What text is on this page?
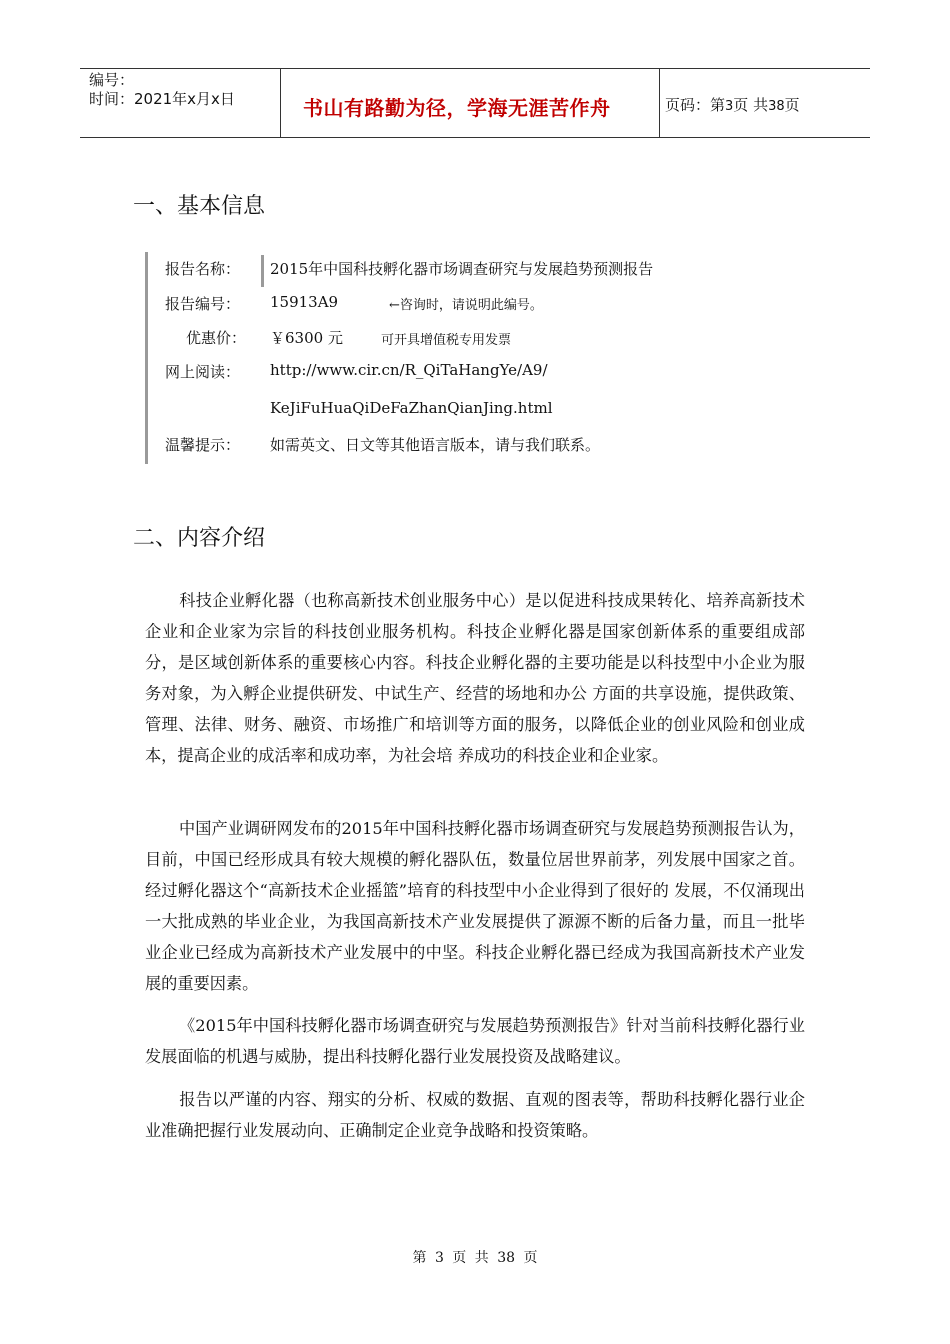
编号：
时间：2021年x月x日	书山有路勤为径，学海无涯苦作舟	页码：第3页 共38页
一、基本信息
报告名称： 2015年中国科技孵化器市场调查研究与发展趋势预测报告
报告编号： 15913A9	←咨询时，请说明此编号。
优惠价： ￥6300 元	可开具增值税专用发票
网上阅读： http://www.cir.cn/R_QiTaHangYe/A9/
KeJiFuHuaQiDeFaZhanQianJing.html
温馨提示： 如需英文、日文等其他语言版本，请与我们联系。
二、内容介绍
科技企业孵化器（也称高新技术创业服务中心）是以促进科技成果转化、培养高新技术企业和企业家为宗旨的科技创业服务机构。科技企业孵化器是国家创新体系的重要组成部分，是区域创新体系的重要核心内容。科技企业孵化器的主要功能是以科技型中小企业为服务对象，为入孵企业提供研发、中试生产、经营的场地和办公 方面的共享设施，提供政策、管理、法律、财务、融资、市场推广和培训等方面的服务，以降低企业的创业风险和创业成本，提高企业的成活率和成功率，为社会培 养成功的科技企业和企业家。
中国产业调研网发布的2015年中国科技孵化器市场调查研究与发展趋势预测报告认为，目前，中国已经形成具有较大规模的孵化器队伍，数量位居世界前茅，列发展中国家之首。经过孵化器这个“高新技术企业摇篮”培育的科技型中小企业得到了很好的 发展，不仅涌现出一大批成熟的毕业企业，为我国高新技术产业发展提供了源源不断的后备力量，而且一批毕业企业已经成为高新技术产业发展中的中坚。科技企业孵化器已经成为我国高新技术产业发展的重要因素。
《2015年中国科技孵化器市场调查研究与发展趋势预测报告》针对当前科技孵化器行业发展面临的机遇与威胁，提出科技孵化器行业发展投资及战略建议。
报告以严谨的内容、翔实的分析、权威的数据、直观的图表等，帮助科技孵化器行业企业准确把握行业发展动向、正确制定企业竞争战略和投资策略。
第 3 页 共 38 页
